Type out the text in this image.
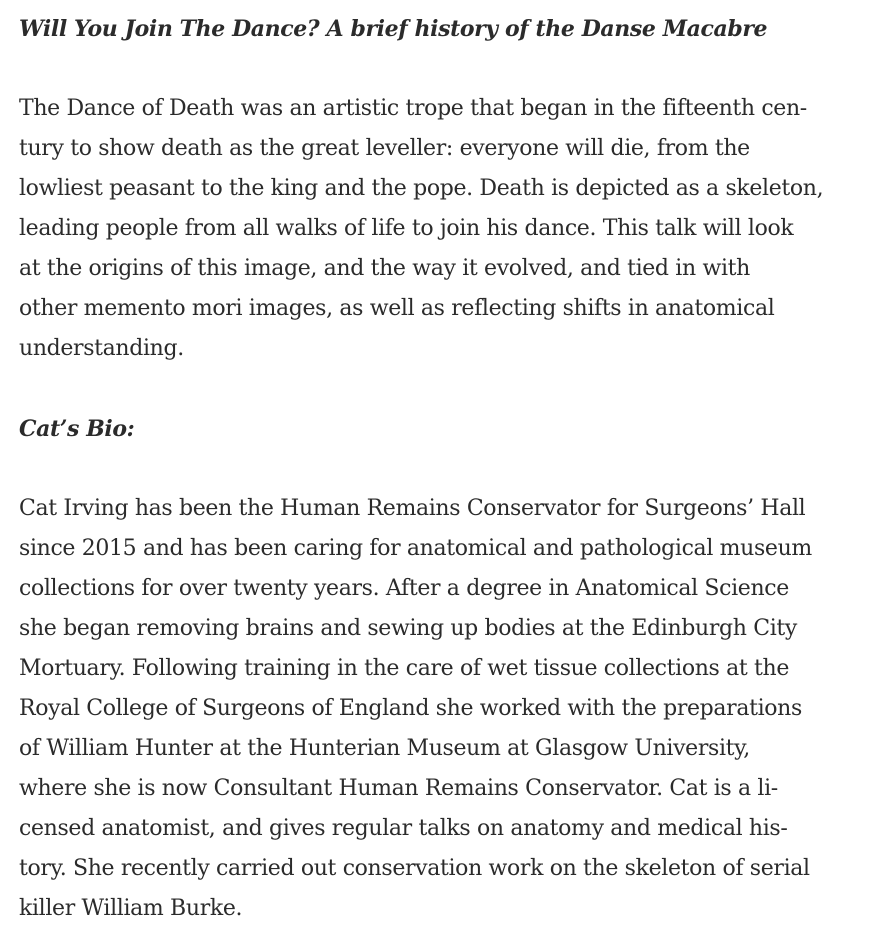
Will You Join The Dance? A brief history of the Danse Macabre
The Dance of Death was an artistic trope that began in the fifteenth cen-
tury to show death as the great leveller: everyone will die, from the
lowliest peasant to the king and the pope. Death is depicted as a skeleton,
leading people from all walks of life to join his dance. This talk will look
at the origins of this image, and the way it evolved, and tied in with
other memento mori images, as well as reflecting shifts in anatomical
understanding.
Cat’s Bio:
Cat Irving has been the Human Remains Conservator for Surgeons’ Hall
since 2015 and has been caring for anatomical and pathological museum
collections for over twenty years. After a degree in Anatomical Science
she began removing brains and sewing up bodies at the Edinburgh City
Mortuary. Following training in the care of wet tissue collections at the
Royal College of Surgeons of England she worked with the preparations
of William Hunter at the Hunterian Museum at Glasgow University,
where she is now Consultant Human Remains Conservator. Cat is a li-
censed anatomist, and gives regular talks on anatomy and medical his-
tory. She recently carried out conservation work on the skeleton of serial
killer William Burke.
